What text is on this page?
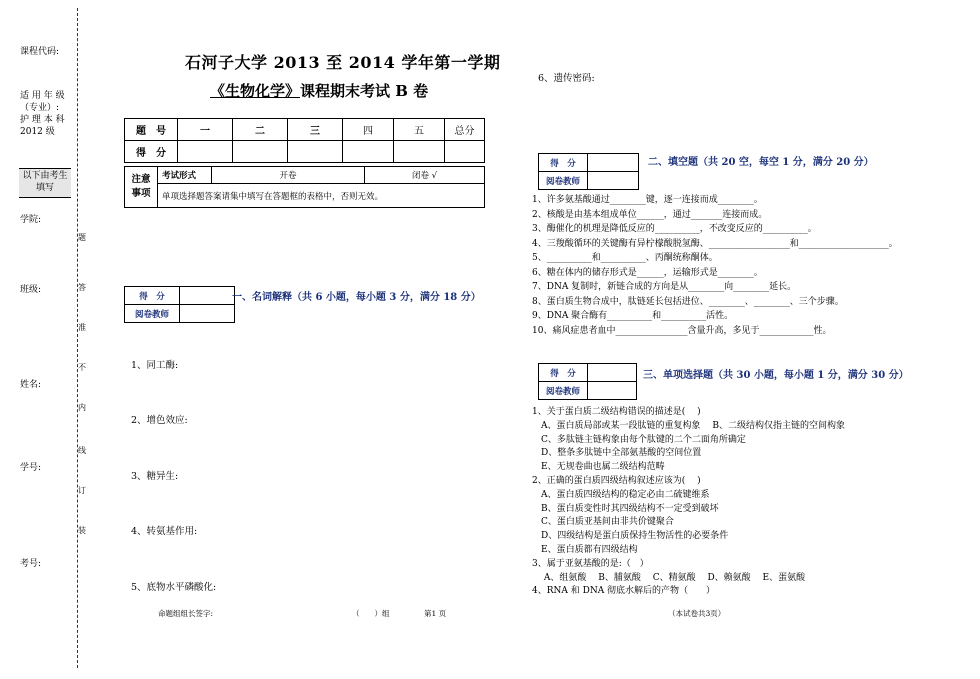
课程代码:
适 用 年 级
（专业）:
护 理 本 科
2012 级
以下由考生
填写
学院:
班级:
姓名:
学号:
考号:
题
答
准
不
内
线
订
装
石河子大学 2013 至 2014 学年第一学期
《生物化学》课程期末考试 B 卷
题　号	一	二	三	四	五	总分
得　分						
注意
事项
	考试形式	开卷	闭卷 √
单项选择题答案请集中填写在答题框的表格中，否则无效。
得　分	
阅卷教师	
一、名词解释（共 6 小题，每小题 3 分，满分 18 分）
1、同工酶:
2、增色效应:
3、糖异生:
4、转氨基作用:
5、底物水平磷酸化:
6、遗传密码:
得　分	
阅卷教师	
二、填空题（共 20 空，每空 1 分，满分 20 分）
1、许多氨基酸通过________键，逐一连接而成________。
2、核酸是由基本组成单位______，通过_______连接而成。
3、酶催化的机理是降低反应的__________，不改变反应的__________。
4、三羧酸循环的关键酶有异柠檬酸脱氢酶、__________________和____________________。
5、__________和__________、丙酮统称酮体。
6、糖在体内的储存形式是______，运输形式是________。
7、DNA 复制时，新链合成的方向是从________向________延长。
8、蛋白质生物合成中，肽链延长包括进位、________、________、三个步骤。
9、DNA 聚合酶有__________和__________活性。
10、痛风症患者血中________________含量升高，多见于____________性。
得　分	
阅卷教师	
三、单项选择题（共 30 小题，每小题 1 分，满分 30 分）
1、关于蛋白质二级结构错误的描述是(　 )
　A、蛋白质局部或某一段肽链的重复构象　 B、二级结构仅指主链的空间构象
　C、多肽链主链构象由每个肽键的二个二面角所确定
　D、整条多肽链中全部氨基酸的空间位置
　E、无规卷曲也属二级结构范畴
2、正确的蛋白质四级结构叙述应该为(　 )
　A、蛋白质四级结构的稳定必由二硫键维系
　B、蛋白质变性时其四级结构不一定受到破坏
　C、蛋白质亚基间由非共价键聚合
　D、四级结构是蛋白质保持生物活性的必要条件
　E、蛋白质都有四级结构
3、属于亚氨基酸的是:（　）
　 A、组氨酸　 B、脯氨酸　 C、精氨酸　 D、赖氨酸　 E、蛋氨酸
4、RNA 和 DNA 彻底水解后的产物（　　）
命题组组长签字:	（　　）组	第1 页	（本试卷共3页）
